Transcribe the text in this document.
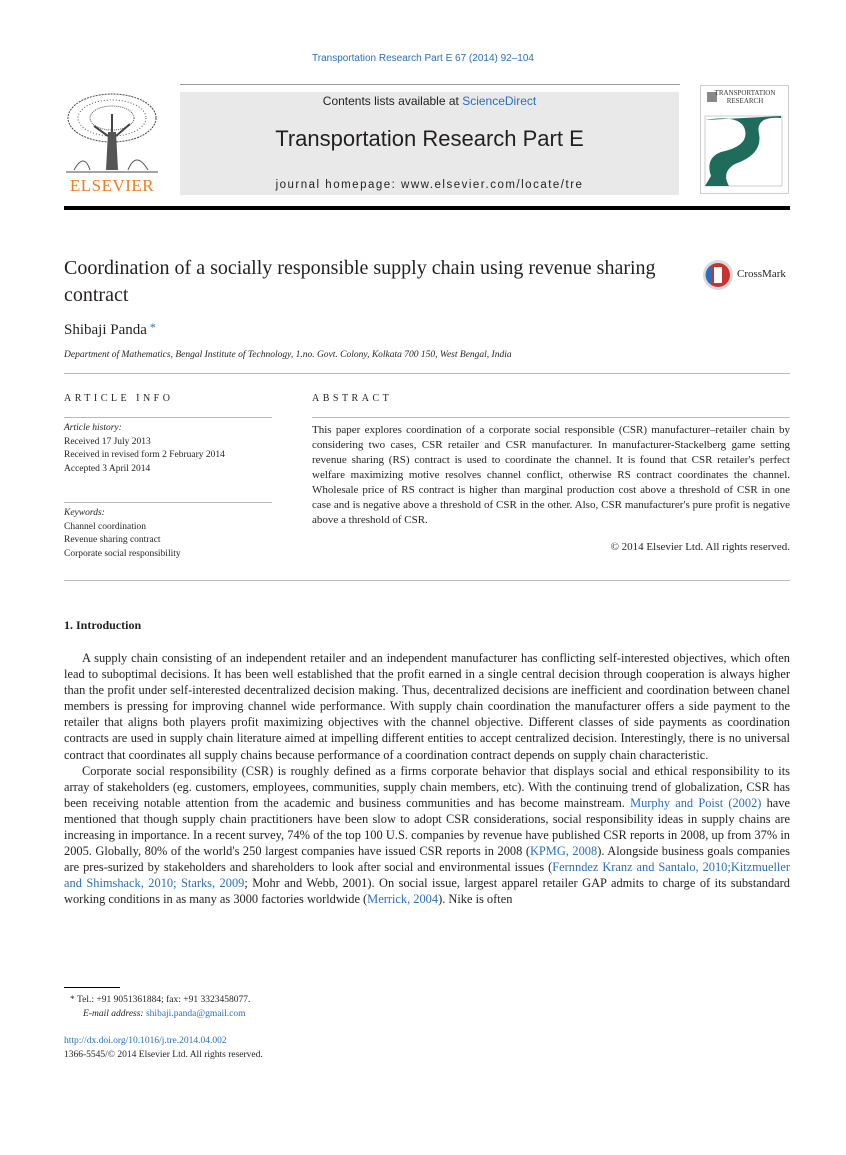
Transportation Research Part E 67 (2014) 92–104
ELSEVIER
Contents lists available at ScienceDirect
Transportation Research Part E
journal homepage: www.elsevier.com/locate/tre
TRANSPORTATION RESEARCH
Coordination of a socially responsible supply chain using revenue sharing contract
CrossMark
Shibaji Panda *
Department of Mathematics, Bengal Institute of Technology, 1.no. Govt. Colony, Kolkata 700 150, West Bengal, India
ARTICLE INFO
Article history:
Received 17 July 2013
Received in revised form 2 February 2014
Accepted 3 April 2014
Keywords:
Channel coordination
Revenue sharing contract
Corporate social responsibility
ABSTRACT
This paper explores coordination of a corporate social responsible (CSR) manufacturer–retailer chain by considering two cases, CSR retailer and CSR manufacturer. In manufacturer-Stackelberg game setting revenue sharing (RS) contract is used to coordinate the channel. It is found that CSR retailer's perfect welfare maximizing motive resolves channel conflict, otherwise RS contract coordinates the channel. Wholesale price of RS contract is higher than marginal production cost above a threshold of CSR in one case and is negative above a threshold of CSR in the other. Also, CSR manufacturer's pure profit is negative above a threshold of CSR.
© 2014 Elsevier Ltd. All rights reserved.
1. Introduction

A supply chain consisting of an independent retailer and an independent manufacturer has conflicting self-interested objectives, which often lead to suboptimal decisions. It has been well established that the profit earned in a single central decision through cooperation is always higher than the profit under self-interested decentralized decision making. Thus, decentralized decisions are inefficient and coordination between chanel members is pressing for improving channel wide performance. With supply chain coordination the manufacturer offers a side payment to the retailer that aligns both players profit maximizing objectives with the channel objective. Different classes of side payments as coordination contracts are used in supply chain literature aimed at impelling different entities to accept centralized decision. Interestingly, there is no universal contract that coordinates all supply chains because performance of a coordination contract depends on supply chain characteristic.

Corporate social responsibility (CSR) is roughly defined as a firms corporate behavior that displays social and ethical responsibility to its array of stakeholders (eg. customers, employees, communities, supply chain members, etc). With the continuing trend of globalization, CSR has been receiving notable attention from the academic and business communities and has become mainstream. Murphy and Poist (2002) have mentioned that though supply chain practitioners have been slow to adopt CSR considerations, social responsibility ideas in supply chains are increasing in importance. In a recent survey, 74% of the top 100 U.S. companies by revenue have published CSR reports in 2008, up from 37% in 2005. Globally, 80% of the world's 250 largest companies have issued CSR reports in 2008 (KPMG, 2008). Alongside business goals companies are pres-surized by stakeholders and shareholders to look after social and environmental issues (Fernndez Kranz and Santalo, 2010;Kitzmueller and Shimshack, 2010; Starks, 2009; Mohr and Webb, 2001). On social issue, largest apparel retailer GAP admits to charge of its substandard working conditions in as many as 3000 factories worldwide (Merrick, 2004). Nike is often

* Tel.: +91 9051361884; fax: +91 3323458077.
E-mail address: shibaji.panda@gmail.com
http://dx.doi.org/10.1016/j.tre.2014.04.002
1366-5545/© 2014 Elsevier Ltd. All rights reserved.
